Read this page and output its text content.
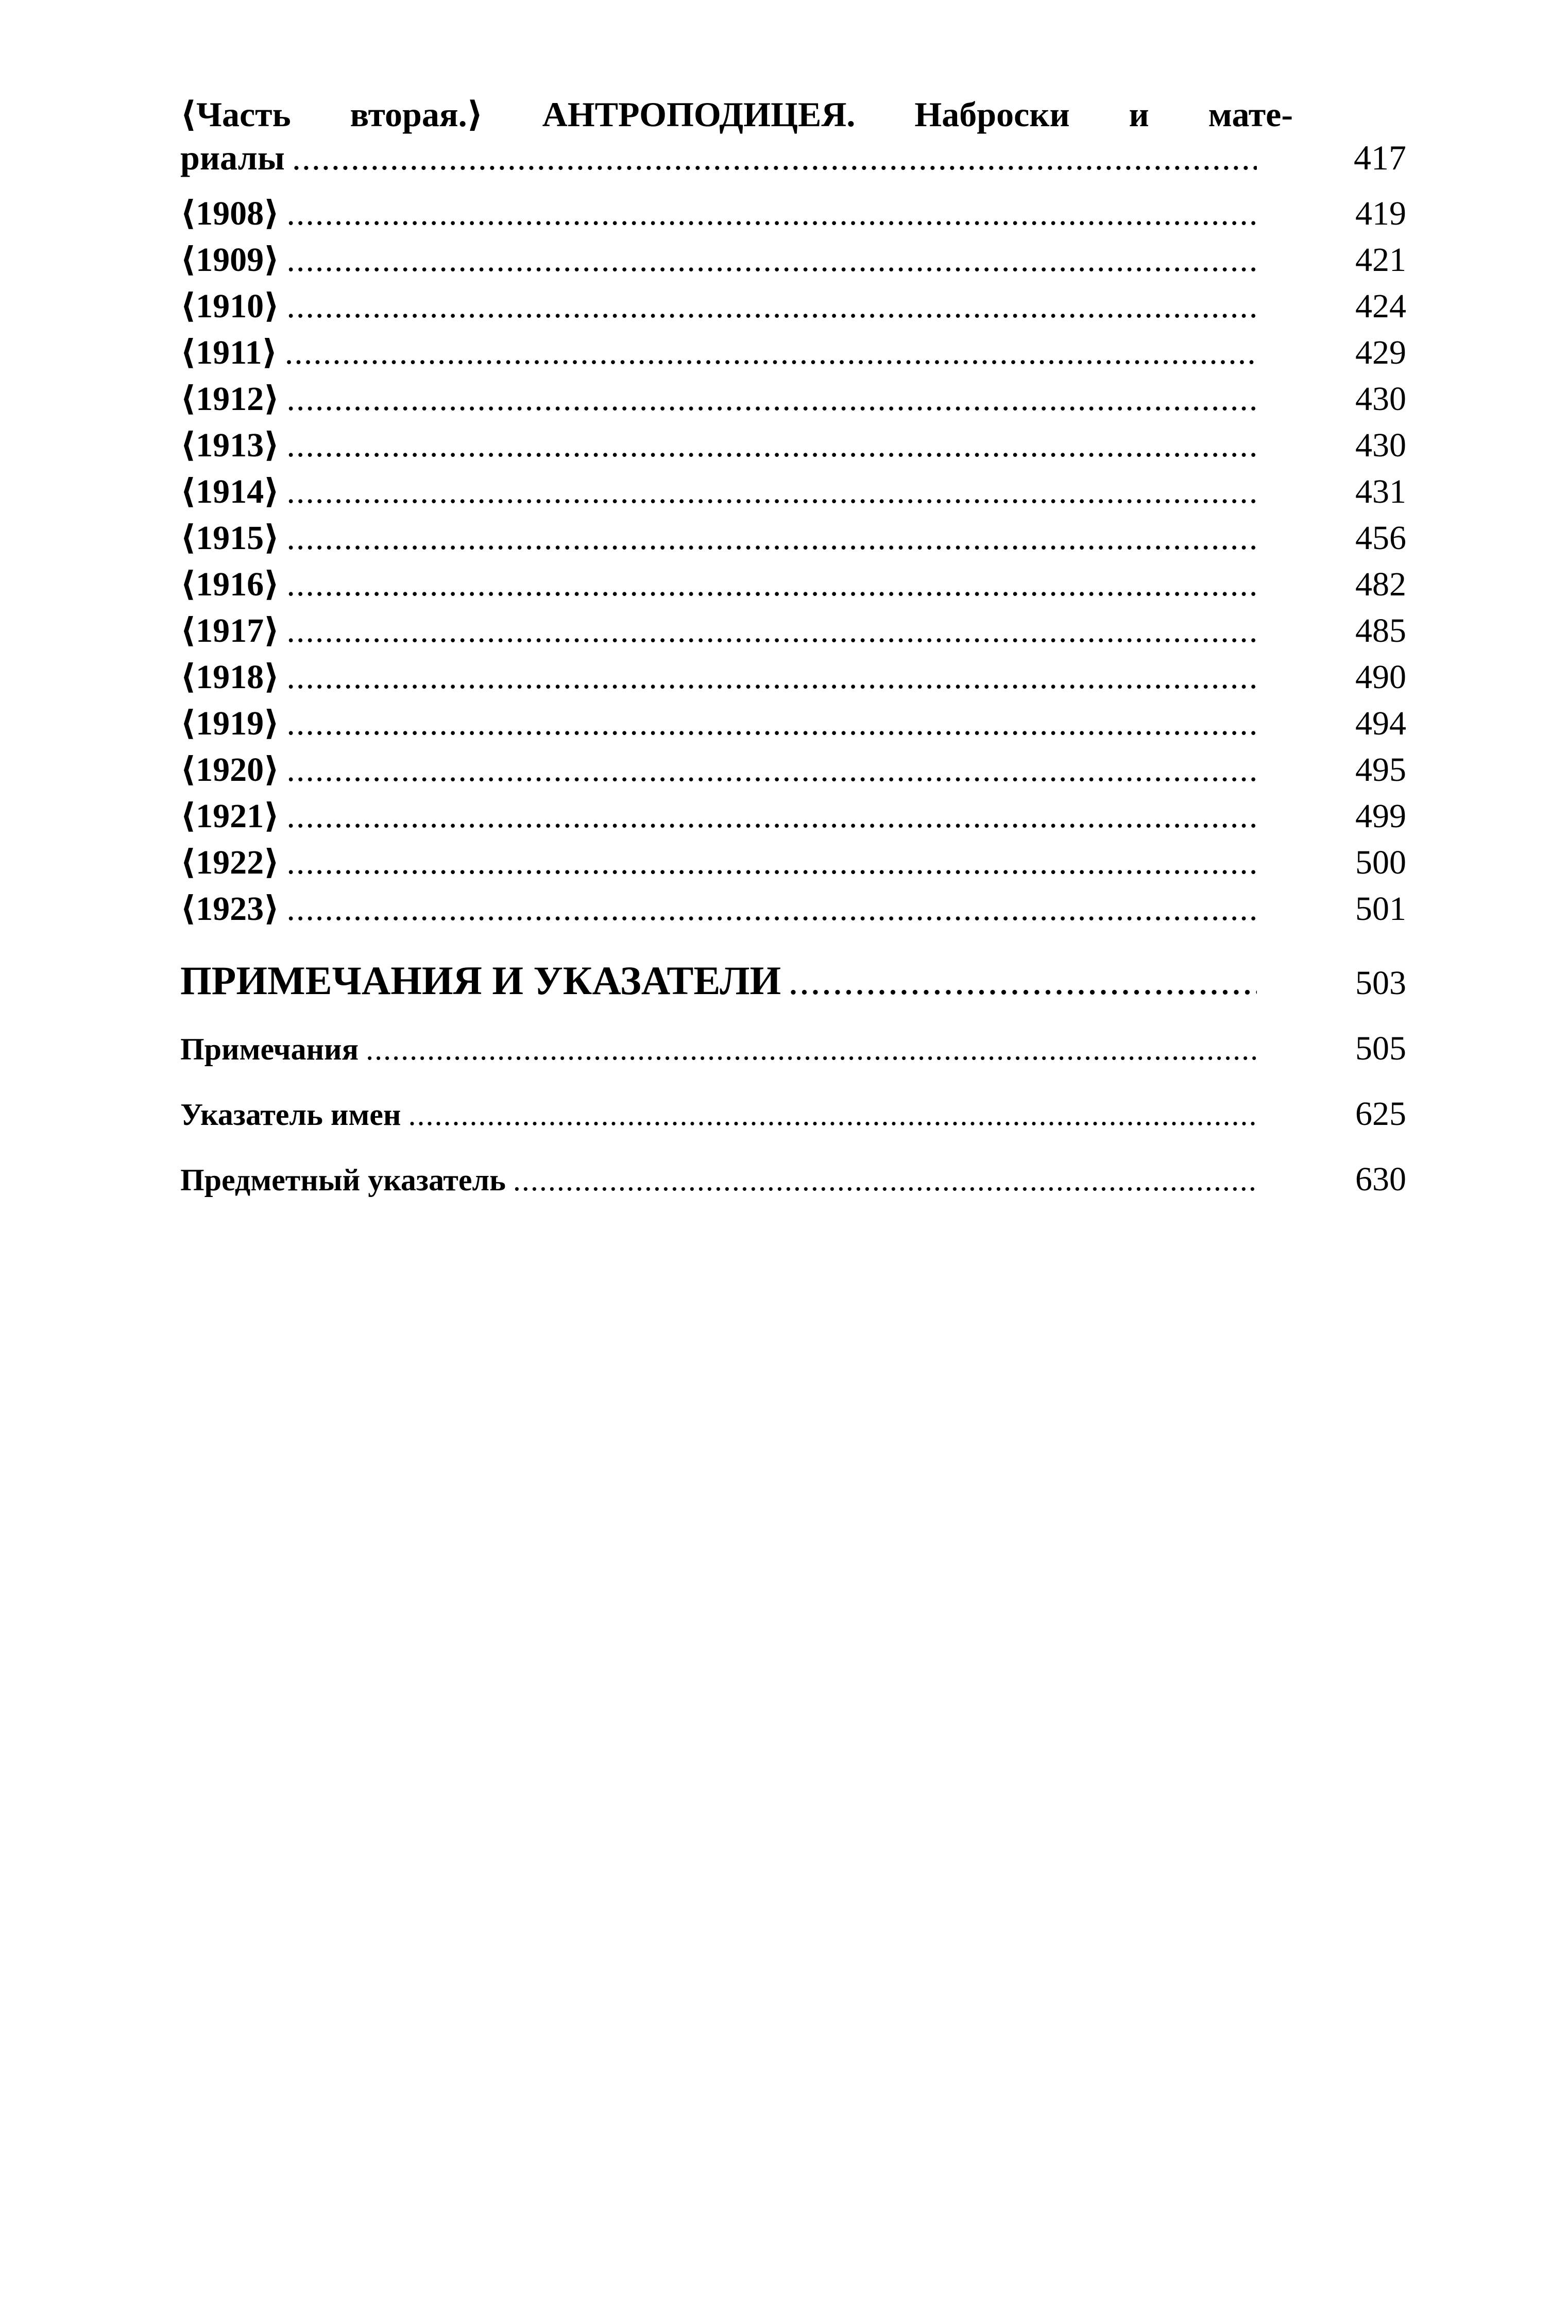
⟨Часть вторая.⟩ АНТРОПОДИЦЕЯ. Наброски и мате-
риалы .....	417
⟨1908⟩ .....	419
⟨1909⟩ .....	421
⟨1910⟩ .....	424
⟨1911⟩ .....	429
⟨1912⟩ .....	430
⟨1913⟩ .....	430
⟨1914⟩ .....	431
⟨1915⟩ .....	456
⟨1916⟩ .....	482
⟨1917⟩ .....	485
⟨1918⟩ .....	490
⟨1919⟩ .....	494
⟨1920⟩ .....	495
⟨1921⟩ .....	499
⟨1922⟩ .....	500
⟨1923⟩ .....	501
ПРИМЕЧАНИЯ И УКАЗАТЕЛИ .....	503
Примечания .....	505
Указатель имен .....	625
Предметный указатель .....	630
